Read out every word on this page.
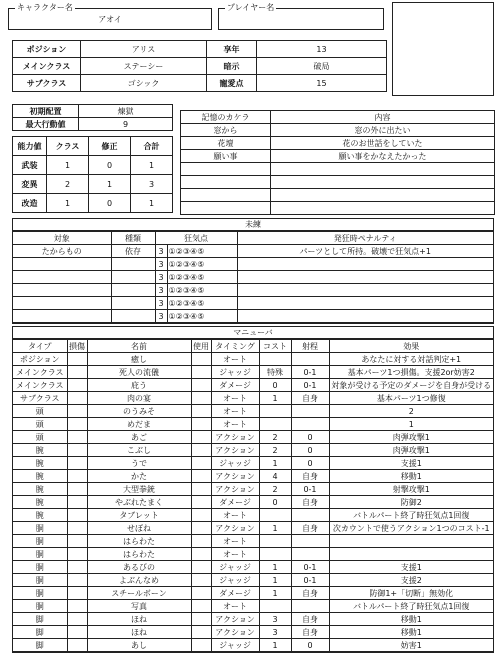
キャラクター名
アオイ
プレイヤー名
ポジション	アリス	享年	13
メインクラス	ステーシー	暗示	破局
サブクラス	ゴシック	寵愛点	15
初期配置	煉獄
最大行動値	9
能力値	クラス	修正	合計
武装	1	0	1
変異	2	1	3
改造	1	0	1
記憶のカケラ	内容
窓から	窓の外に出たい
花壇	花のお世話をしていた
願い事	願い事をかなえたかった

未練
対象	種類	狂気点		発狂時ペナルティ
たからもの	依存	3	①②③④⑤	パーツとして所持。破壊で狂気点+1
		3	①②③④⑤	
		3	①②③④⑤	
		3	①②③④⑤	
		3	①②③④⑤	
		3	①②③④⑤	
マニューバ
タイプ	損傷	名前	使用	タイミング	コスト	射程	効果
ポジション		癒し		オート			あなたに対する対話判定+1
メインクラス		死人の流儀		ジャッジ	特殊	0-1	基本パーツ1つ損傷。支援2or妨害2
メインクラス		庇う		ダメージ	0	0-1	対象が受ける予定のダメージを自身が受ける
サブクラス		肉の宴		オート	1	自身	基本パーツ1つ修復
頭		のうみそ		オート			2
頭		めだま		オート			1
頭		あご		アクション	2	0	肉弾攻撃1
腕		こぶし		アクション	2	0	肉弾攻撃1
腕		うで		ジャッジ	1	0	支援1
腕		かた		アクション	4	自身	移動1
腕		大型拳銃		アクション	2	0-1	射撃攻撃1
腕		やぶれたまく		ダメージ	0	自身	防御2
腕		タブレット		オート			バトルパート終了時狂気点1回復
胴		せぼね		アクション	1	自身	次カウントで使うアクション1つのコスト-1
胴		はらわた		オート			
胴		はらわた		オート			
胴		あるびの		ジャッジ	1	0-1	支援1
胴		よぶんなめ		ジャッジ	1	0-1	支援2
胴		スチールボーン		ダメージ	1	自身	防御1+「切断」無効化
胴		写真		オート			バトルパート終了時狂気点1回復
脚		ほね		アクション	3	自身	移動1
脚		ほね		アクション	3	自身	移動1
脚		あし		ジャッジ	1	0	妨害1
